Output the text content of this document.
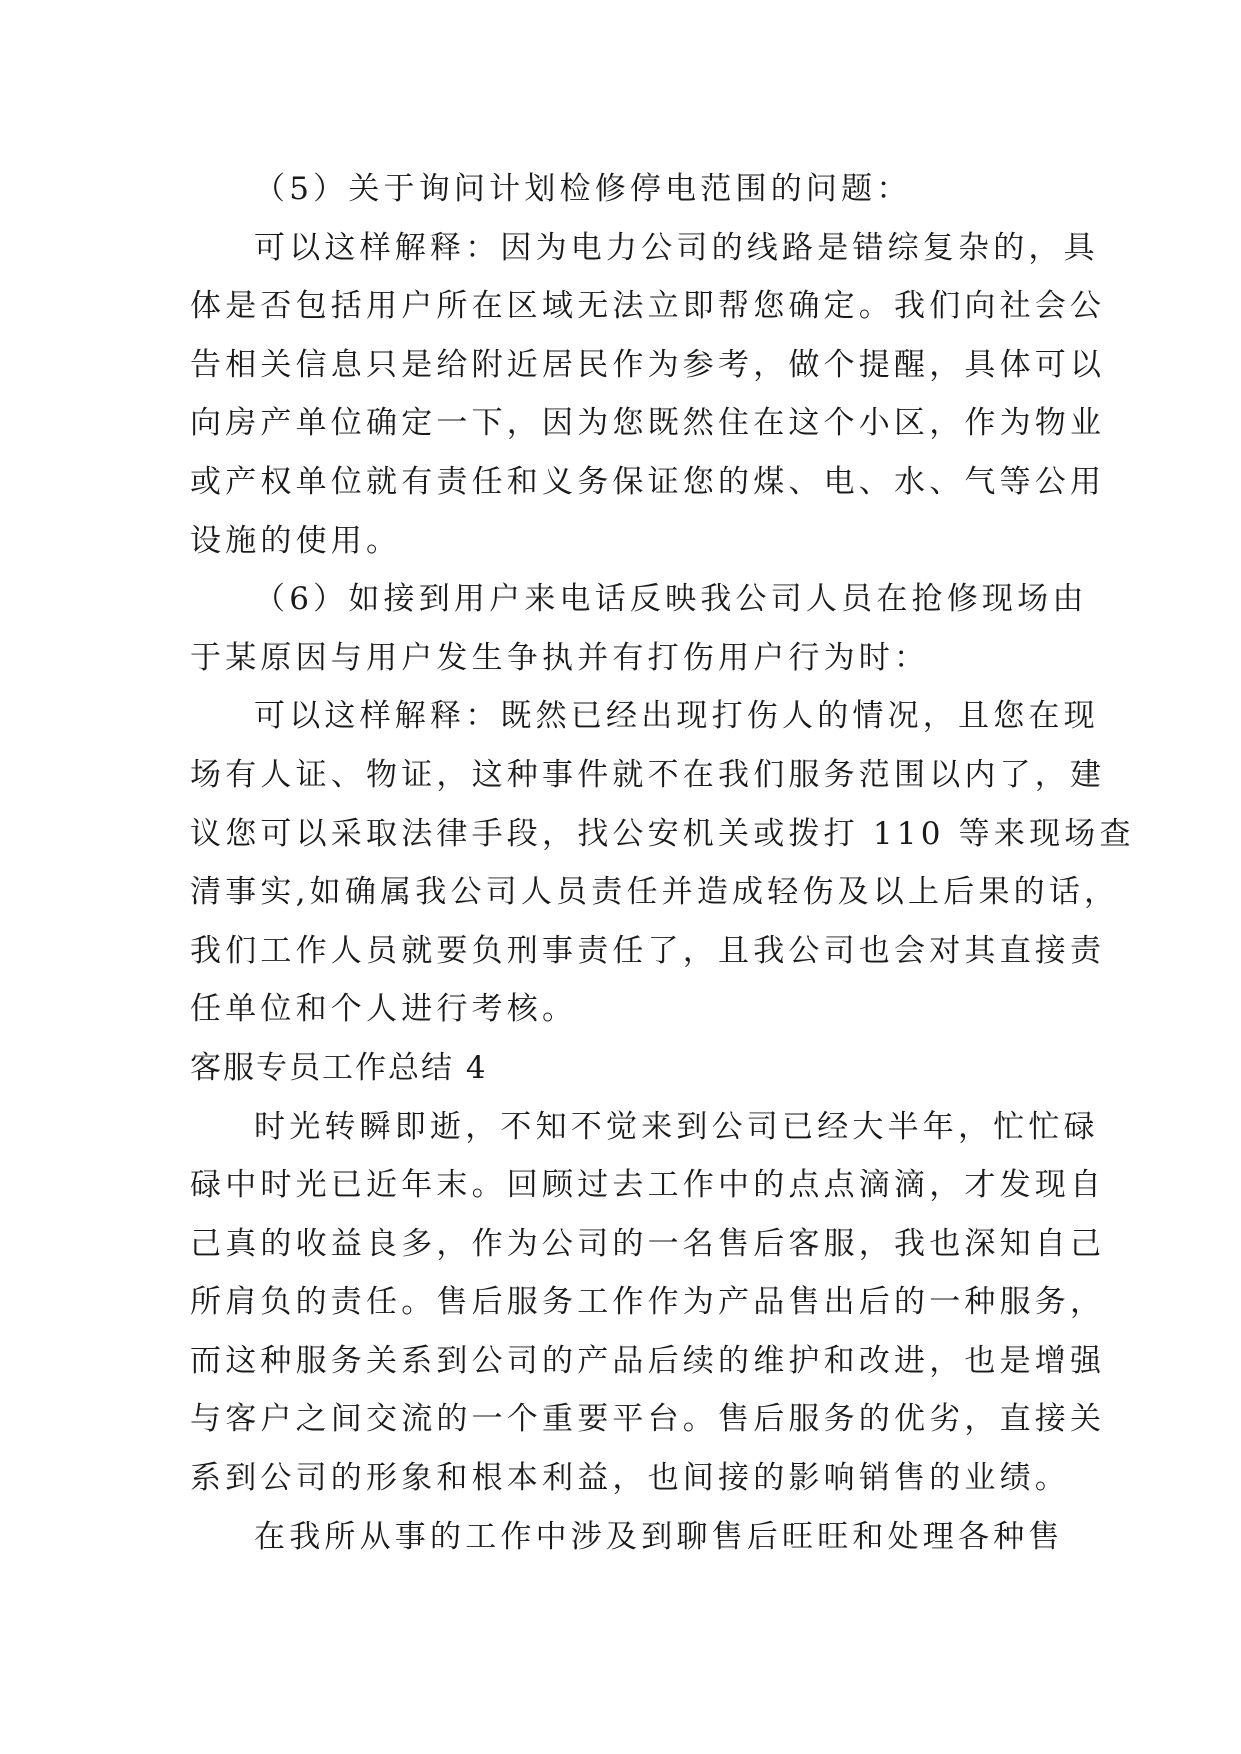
（5）关于询问计划检修停电范围的问题：
可以这样解释：因为电力公司的线路是错综复杂的，具
体是否包括用户所在区域无法立即帮您确定。我们向社会公
告相关信息只是给附近居民作为参考，做个提醒，具体可以
向房产单位确定一下，因为您既然住在这个小区，作为物业
或产权单位就有责任和义务保证您的煤、电、水、气等公用
设施的使用。
（6）如接到用户来电话反映我公司人员在抢修现场由
于某原因与用户发生争执并有打伤用户行为时：
可以这样解释：既然已经出现打伤人的情况，且您在现
场有人证、物证，这种事件就不在我们服务范围以内了，建
议您可以采取法律手段，找公安机关或拨打 110 等来现场查
清事实,如确属我公司人员责任并造成轻伤及以上后果的话，
我们工作人员就要负刑事责任了，且我公司也会对其直接责
任单位和个人进行考核。
客服专员工作总结 4
时光转瞬即逝，不知不觉来到公司已经大半年，忙忙碌
碌中时光已近年末。回顾过去工作中的点点滴滴，才发现自
己真的收益良多，作为公司的一名售后客服，我也深知自己
所肩负的责任。售后服务工作作为产品售出后的一种服务，
而这种服务关系到公司的产品后续的维护和改进，也是增强
与客户之间交流的一个重要平台。售后服务的优劣，直接关
系到公司的形象和根本利益，也间接的影响销售的业绩。
在我所从事的工作中涉及到聊售后旺旺和处理各种售
